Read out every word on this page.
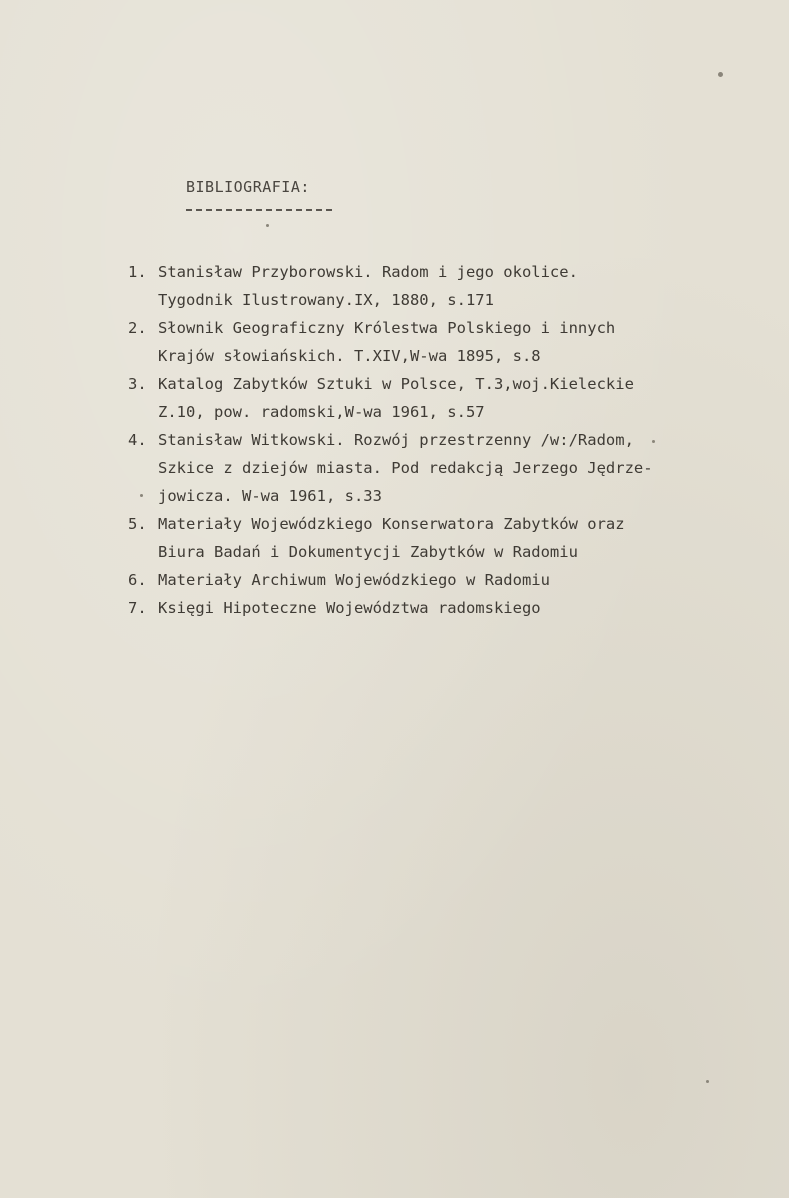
BIBLIOGRAFIA:
1. Stanisław Przyborowski. Radom i jego okolice.
Tygodnik Ilustrowany.IX, 1880, s.171
2. Słownik Geograficzny Królestwa Polskiego i innych
Krajów słowiańskich. T.XIV,W-wa 1895, s.8
3. Katalog Zabytków Sztuki w Polsce, T.3,woj.Kieleckie
Z.10, pow. radomski,W-wa 1961, s.57
4. Stanisław Witkowski. Rozwój przestrzenny /w:/Radom,
Szkice z dziejów miasta. Pod redakcją Jerzego Jędrze-
jowicza. W-wa 1961, s.33
5. Materiały Wojewódzkiego Konserwatora Zabytków oraz
Biura Badań i Dokumentycji Zabytków w Radomiu
6. Materiały Archiwum Wojewódzkiego w Radomiu
7. Księgi Hipoteczne Województwa radomskiego
